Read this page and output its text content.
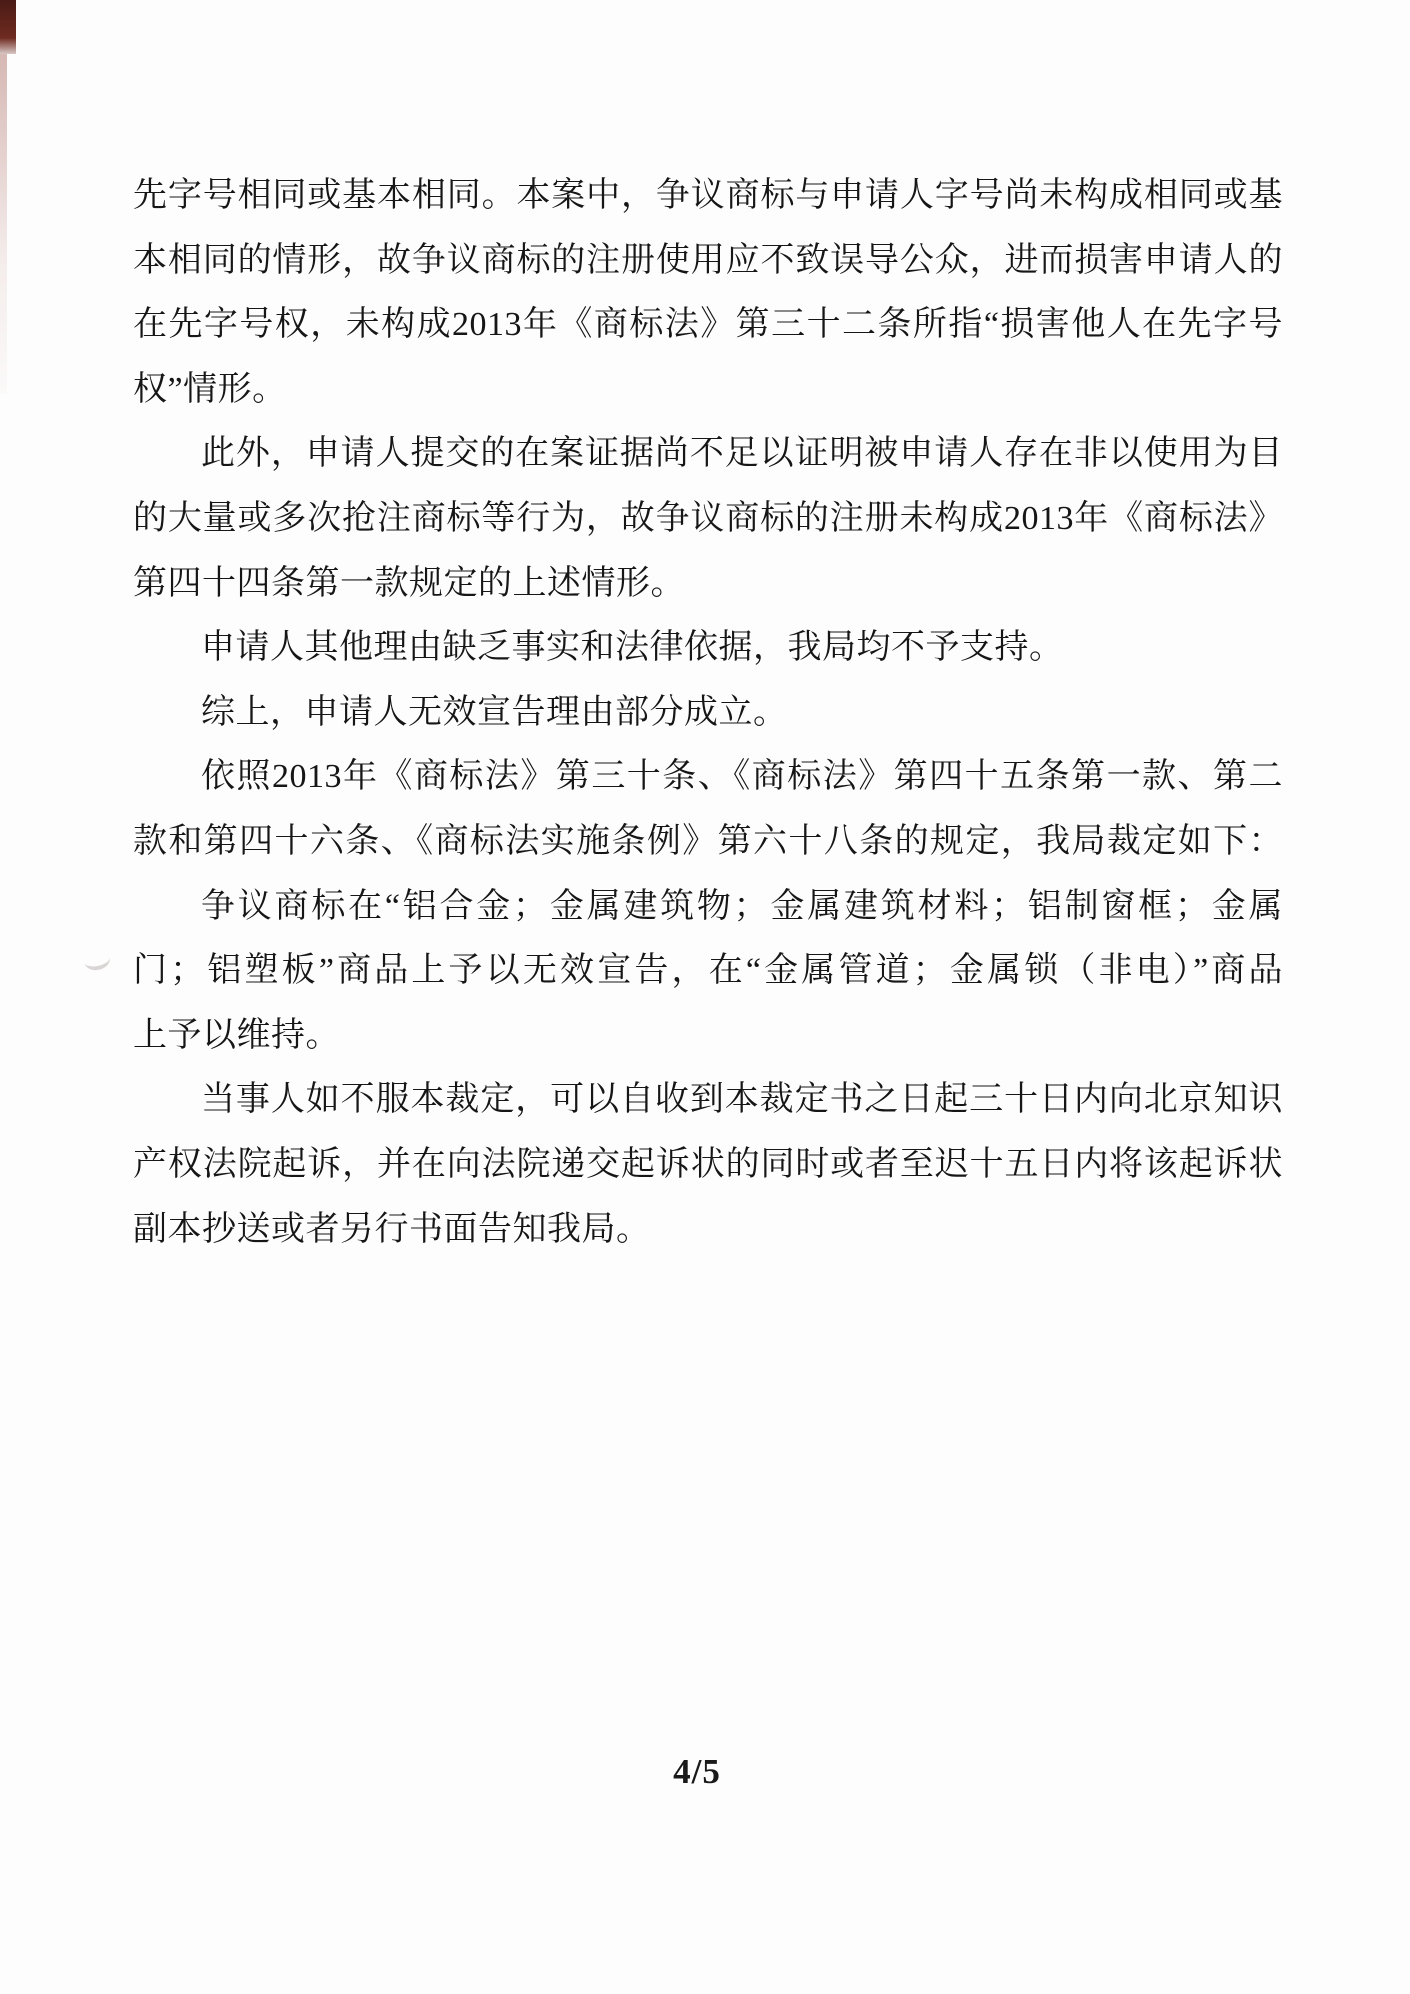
先字号相同或基本相同。本案中，争议商标与申请人字号尚未构成相同或基
本相同的情形，故争议商标的注册使用应不致误导公众，进而损害申请人的
在先字号权，未构成2013年《商标法》第三十二条所指“损害他人在先字号
权”情形。
此外，申请人提交的在案证据尚不足以证明被申请人存在非以使用为目
的大量或多次抢注商标等行为，故争议商标的注册未构成2013年《商标法》
第四十四条第一款规定的上述情形。
申请人其他理由缺乏事实和法律依据，我局均不予支持。
综上，申请人无效宣告理由部分成立。
依照2013年《商标法》第三十条、《商标法》第四十五条第一款、第二
款和第四十六条、《商标法实施条例》第六十八条的规定，我局裁定如下：
争议商标在“铝合金；金属建筑物；金属建筑材料；铝制窗框；金属
门；铝塑板”商品上予以无效宣告，在“金属管道；金属锁（非电）”商品
上予以维持。
当事人如不服本裁定，可以自收到本裁定书之日起三十日内向北京知识
产权法院起诉，并在向法院递交起诉状的同时或者至迟十五日内将该起诉状
副本抄送或者另行书面告知我局。
4/5
